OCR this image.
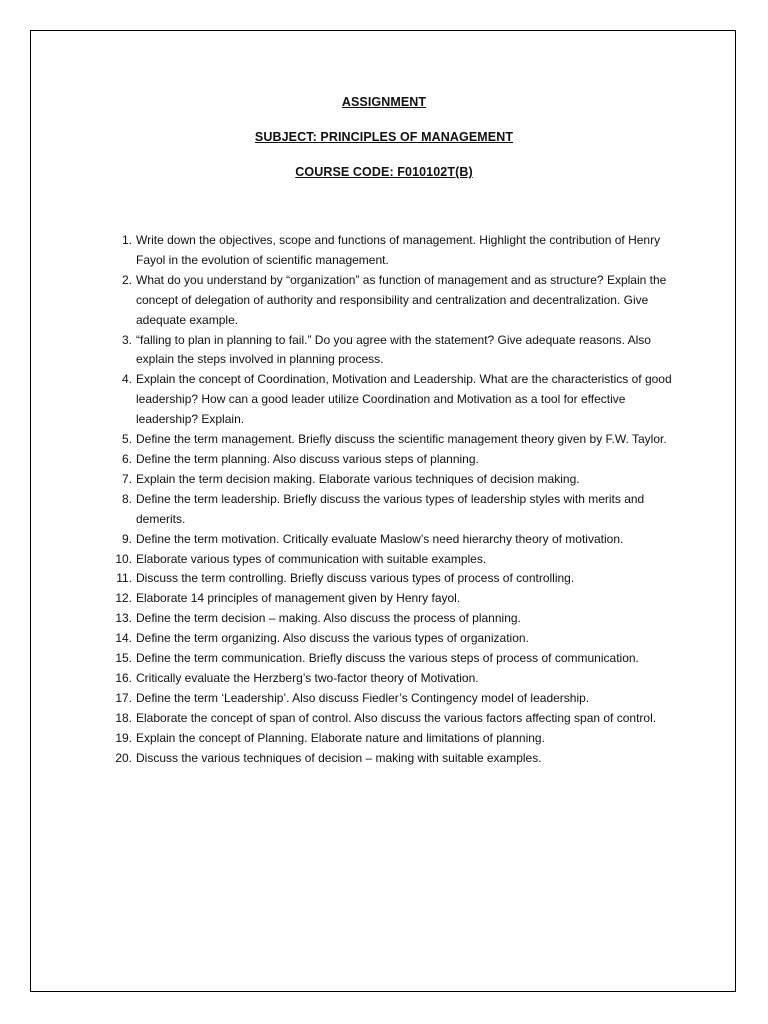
ASSIGNMENT
SUBJECT: PRINCIPLES OF MANAGEMENT
COURSE CODE: F010102T(B)
1. Write down the objectives, scope and functions of management. Highlight the contribution of Henry Fayol in the evolution of scientific management.
2. What do you understand by “organization” as function of management and as structure? Explain the concept of delegation of authority and responsibility and centralization and decentralization. Give adequate example.
3. “falling to plan in planning to fail.” Do you agree with the statement? Give adequate reasons. Also explain the steps involved in planning process.
4. Explain the concept of Coordination, Motivation and Leadership. What are the characteristics of good leadership? How can a good leader utilize Coordination and Motivation as a tool for effective leadership? Explain.
5. Define the term management. Briefly discuss the scientific management theory given by F.W. Taylor.
6. Define the term planning. Also discuss various steps of planning.
7. Explain the term decision making. Elaborate various techniques of decision making.
8. Define the term leadership. Briefly discuss the various types of leadership styles with merits and demerits.
9. Define the term motivation. Critically evaluate Maslow’s need hierarchy theory of motivation.
10. Elaborate various types of communication with suitable examples.
11. Discuss the term controlling. Briefly discuss various types of process of controlling.
12. Elaborate 14 principles of management given by Henry fayol.
13. Define the term decision – making. Also discuss the process of planning.
14. Define the term organizing. Also discuss the various types of organization.
15. Define the term communication. Briefly discuss the various steps of process of communication.
16. Critically evaluate the Herzberg’s two-factor theory of Motivation.
17. Define the term ‘Leadership’. Also discuss Fiedler’s Contingency model of leadership.
18. Elaborate the concept of span of control. Also discuss the various factors affecting span of control.
19. Explain the concept of Planning. Elaborate nature and limitations of planning.
20. Discuss the various techniques of decision – making with suitable examples.
